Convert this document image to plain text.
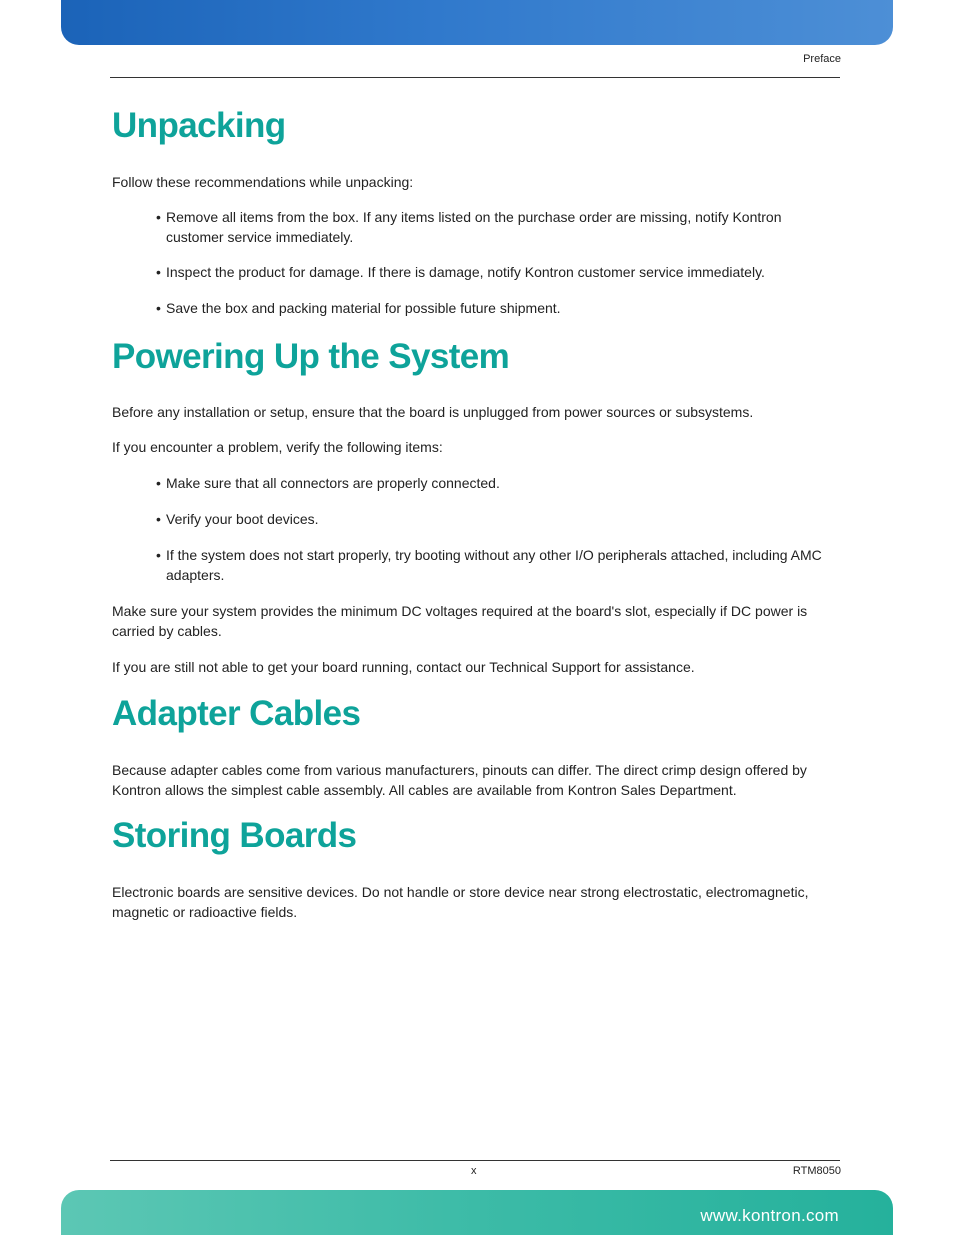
Preface
Unpacking

Follow these recommendations while unpacking:

• Remove all items from the box. If any items listed on the purchase order are missing, notify Kontron customer service immediately.
• Inspect the product for damage. If there is damage, notify Kontron customer service immediately.
• Save the box and packing material for possible future shipment.
Powering Up the System

Before any installation or setup, ensure that the board is unplugged from power sources or subsystems.

If you encounter a problem, verify the following items:

• Make sure that all connectors are properly connected.
• Verify your boot devices.
• If the system does not start properly, try booting without any other I/O peripherals attached, including AMC adapters.

Make sure your system provides the minimum DC voltages required at the board's slot, especially if DC power is carried by cables.

If you are still not able to get your board running, contact our Technical Support for assistance.

Adapter Cables

Because adapter cables come from various manufacturers, pinouts can differ. The direct crimp design offered by Kontron allows the simplest cable assembly. All cables are available from Kontron Sales Department.

Storing Boards

Electronic boards are sensitive devices. Do not handle or store device near strong electrostatic, electromagnetic, magnetic or radioactive fields.

x	RTM8050
www.kontron.com
